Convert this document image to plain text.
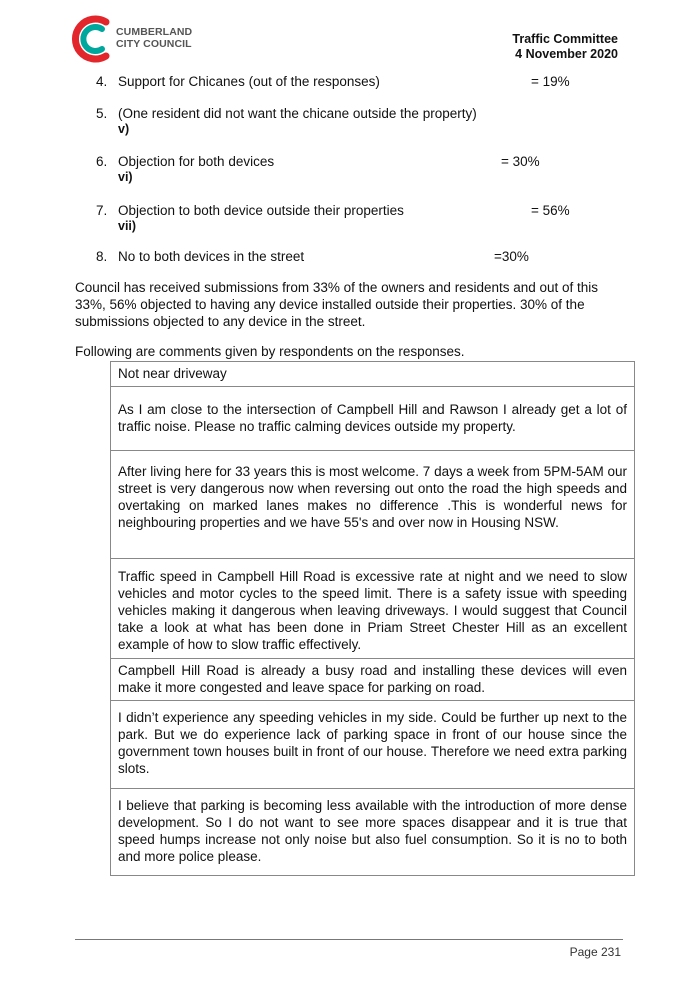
CUMBERLAND
CITY COUNCIL	Traffic Committee
4 November 2020
4. Support for Chicanes (out of the responses)	= 19%
5. (One resident did not want the chicane outside the property)
v)
6. Objection for both devices	= 30%
vi)
7. Objection to both device outside their properties	= 56%
vii)
8. No to both devices in the street	=30%
Council has received submissions from 33% of the owners and residents and out of this 33%, 56% objected to having any device installed outside their properties. 30% of the submissions objected to any device in the street.
Following are comments given by respondents on the responses.
Not near driveway
As I am close to the intersection of Campbell Hill and Rawson I already get a lot of traffic noise. Please no traffic calming devices outside my property.
After living here for 33 years this is most welcome. 7 days a week from 5PM-5AM our street is very dangerous now when reversing out onto the road the high speeds and overtaking on marked lanes makes no difference .This is wonderful news for neighbouring properties and we have 55's and over now in Housing NSW.
Traffic speed in Campbell Hill Road is excessive rate at night and we need to slow vehicles and motor cycles to the speed limit. There is a safety issue with speeding vehicles making it dangerous when leaving driveways. I would suggest that Council take a look at what has been done in Priam Street Chester Hill as an excellent example of how to slow traffic effectively.
Campbell Hill Road is already a busy road and installing these devices will even make it more congested and leave space for parking on road.
I didn’t experience any speeding vehicles in my side. Could be further up next to the park. But we do experience lack of parking space in front of our house since the government town houses built in front of our house. Therefore we need extra parking slots.
I believe that parking is becoming less available with the introduction of more dense development. So I do not want to see more spaces disappear and it is true that speed humps increase not only noise but also fuel consumption. So it is no to both and more police please.
Page 231
